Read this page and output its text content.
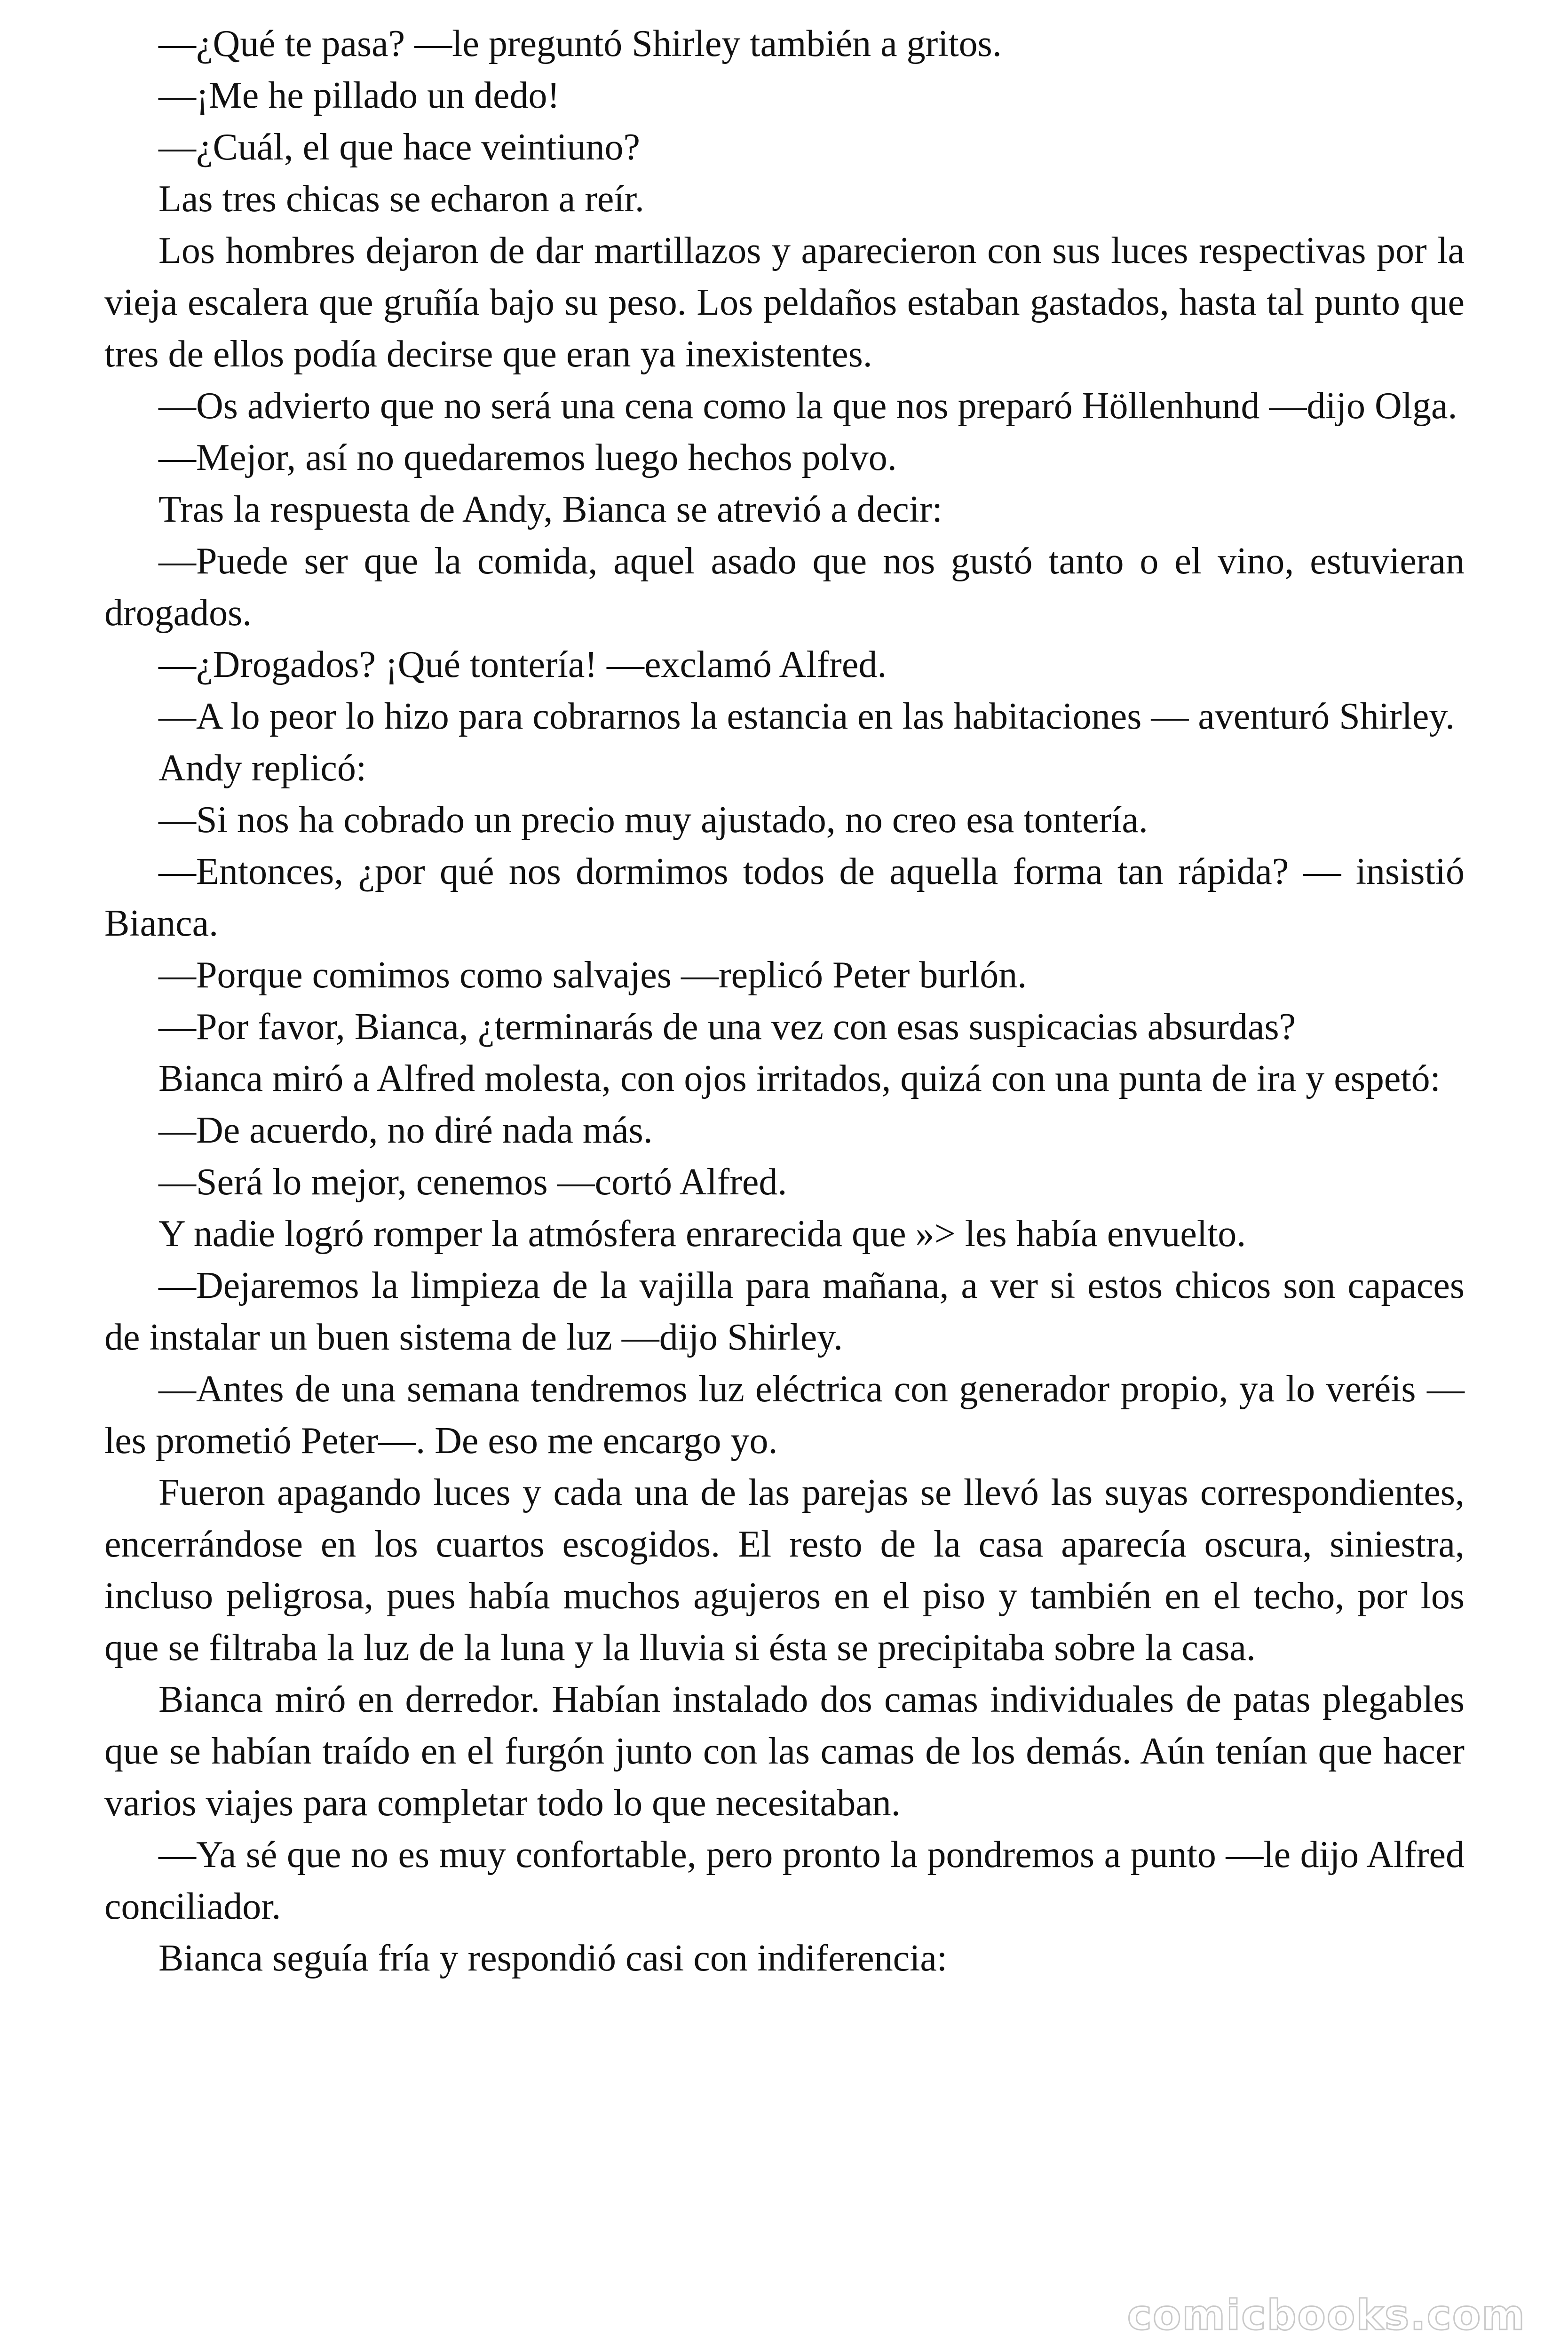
—¿Qué te pasa? —le preguntó Shirley también a gritos.

—¡Me he pillado un dedo!

—¿Cuál, el que hace veintiuno?

Las tres chicas se echaron a reír.

Los hombres dejaron de dar martillazos y aparecieron con sus luces respectivas por la vieja escalera que gruñía bajo su peso. Los peldaños estaban gastados, hasta tal punto que tres de ellos podía decirse que eran ya inexistentes.

—Os advierto que no será una cena como la que nos preparó Höllenhund —dijo Olga.

—Mejor, así no quedaremos luego hechos polvo.

Tras la respuesta de Andy, Bianca se atrevió a decir:

—Puede ser que la comida, aquel asado que nos gustó tanto o el vino, estuvieran drogados.

—¿Drogados? ¡Qué tontería! —exclamó Alfred.

—A lo peor lo hizo para cobrarnos la estancia en las habitaciones — aventuró Shirley.

Andy replicó:

—Si nos ha cobrado un precio muy ajustado, no creo esa tontería.

—Entonces, ¿por qué nos dormimos todos de aquella forma tan rápida? — insistió Bianca.

—Porque comimos como salvajes —replicó Peter burlón.

—Por favor, Bianca, ¿terminarás de una vez con esas suspicacias absurdas?

Bianca miró a Alfred molesta, con ojos irritados, quizá con una punta de ira y espetó:

—De acuerdo, no diré nada más.

—Será lo mejor, cenemos —cortó Alfred.

Y nadie logró romper la atmósfera enrarecida que »> les había envuelto.

—Dejaremos la limpieza de la vajilla para mañana, a ver si estos chicos son capaces de instalar un buen sistema de luz —dijo Shirley.

—Antes de una semana tendremos luz eléctrica con generador propio, ya lo veréis —les prometió Peter—. De eso me encargo yo.

Fueron apagando luces y cada una de las parejas se llevó las suyas correspondientes, encerrándose en los cuartos escogidos. El resto de la casa aparecía oscura, siniestra, incluso peligrosa, pues había muchos agujeros en el piso y también en el techo, por los que se filtraba la luz de la luna y la lluvia si ésta se precipitaba sobre la casa.

Bianca miró en derredor. Habían instalado dos camas individuales de patas plegables que se habían traído en el furgón junto con las camas de los demás. Aún tenían que hacer varios viajes para completar todo lo que necesitaban.

—Ya sé que no es muy confortable, pero pronto la pondremos a punto —le dijo Alfred conciliador.

Bianca seguía fría y respondió casi con indiferencia:

comicbooks.com
